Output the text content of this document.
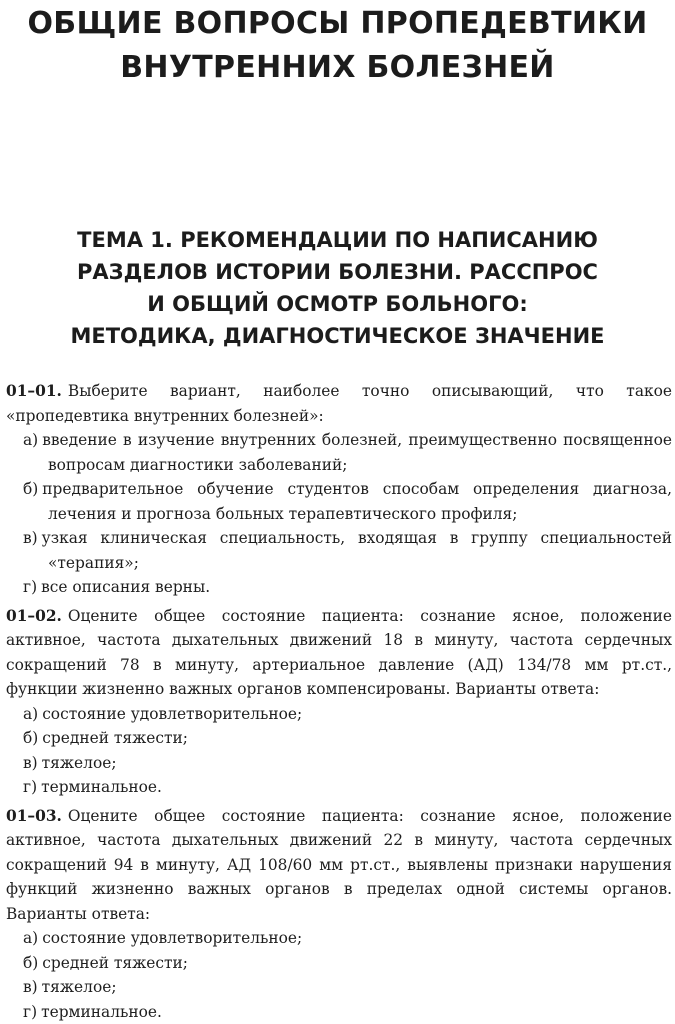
ОБЩИЕ ВОПРОСЫ ПРОПЕДЕВТИКИ
ВНУТРЕННИХ БОЛЕЗНЕЙ
ТЕМА 1. РЕКОМЕНДАЦИИ ПО НАПИСАНИЮ
РАЗДЕЛОВ ИСТОРИИ БОЛЕЗНИ. РАССПРОС
И ОБЩИЙ ОСМОТР БОЛЬНОГО:
МЕТОДИКА, ДИАГНОСТИЧЕСКОЕ ЗНАЧЕНИЕ
01–01. Выберите вариант, наиболее точно описывающий, что такое «пропедевтика внутренних болезней»:
а) введение в изучение внутренних болезней, преимущественно посвященное вопросам диагностики заболеваний;
б) предварительное обучение студентов способам определения диагноза, лечения и прогноза больных терапевтического профиля;
в) узкая клиническая специальность, входящая в группу специальностей «терапия»;
г) все описания верны.
01–02. Оцените общее состояние пациента: сознание ясное, положение активное, частота дыхательных движений 18 в минуту, частота сердечных сокращений 78 в минуту, артериальное давление (АД) 134/78 мм рт.ст., функции жизненно важных органов компенсированы. Варианты ответа:
а) состояние удовлетворительное;
б) средней тяжести;
в) тяжелое;
г) терминальное.
01–03. Оцените общее состояние пациента: сознание ясное, положение активное, частота дыхательных движений 22 в минуту, частота сердечных сокращений 94 в минуту, АД 108/60 мм рт.ст., выявлены признаки нарушения функций жизненно важных органов в пределах одной системы органов. Варианты ответа:
а) состояние удовлетворительное;
б) средней тяжести;
в) тяжелое;
г) терминальное.
